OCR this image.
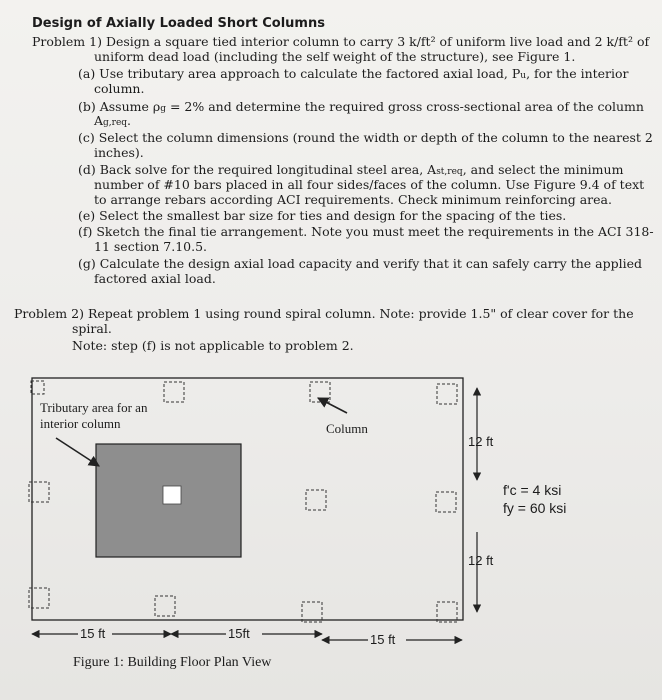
Design of Axially Loaded Short Columns
Problem 1) Design a square tied interior column to carry 3 k/ft² of uniform live load and 2 k/ft² of
uniform dead load (including the self weight of the structure), see Figure 1.
(a) Use tributary area approach to calculate the factored axial load, Pu, for the interior
column.
(b) Assume ρg = 2% and determine the required gross cross-sectional area of the column
Ag,req.
(c) Select the column dimensions (round the width or depth of the column to the nearest 2
inches).
(d) Back solve for the required longitudinal steel area, Ast,req, and select the minimum
number of #10 bars placed in all four sides/faces of the column. Use Figure 9.4 of text
to arrange rebars according ACI requirements. Check minimum reinforcing area.
(e) Select the smallest bar size for ties and design for the spacing of the ties.
(f) Sketch the final tie arrangement. Note you must meet the requirements in the ACI 318-
11 section 7.10.5.
(g) Calculate the design axial load capacity and verify that it can safely carry the applied
factored axial load.
Problem 2) Repeat problem 1 using round spiral column. Note: provide 1.5" of clear cover for the
spiral.
Note: step (f) is not applicable to problem 2.
Tributary area for an
interior column	Column
12 ft
12 ft
f'c = 4 ksi
fy = 60 ksi
15 ft	15ft	15 ft
Figure 1: Building Floor Plan View
